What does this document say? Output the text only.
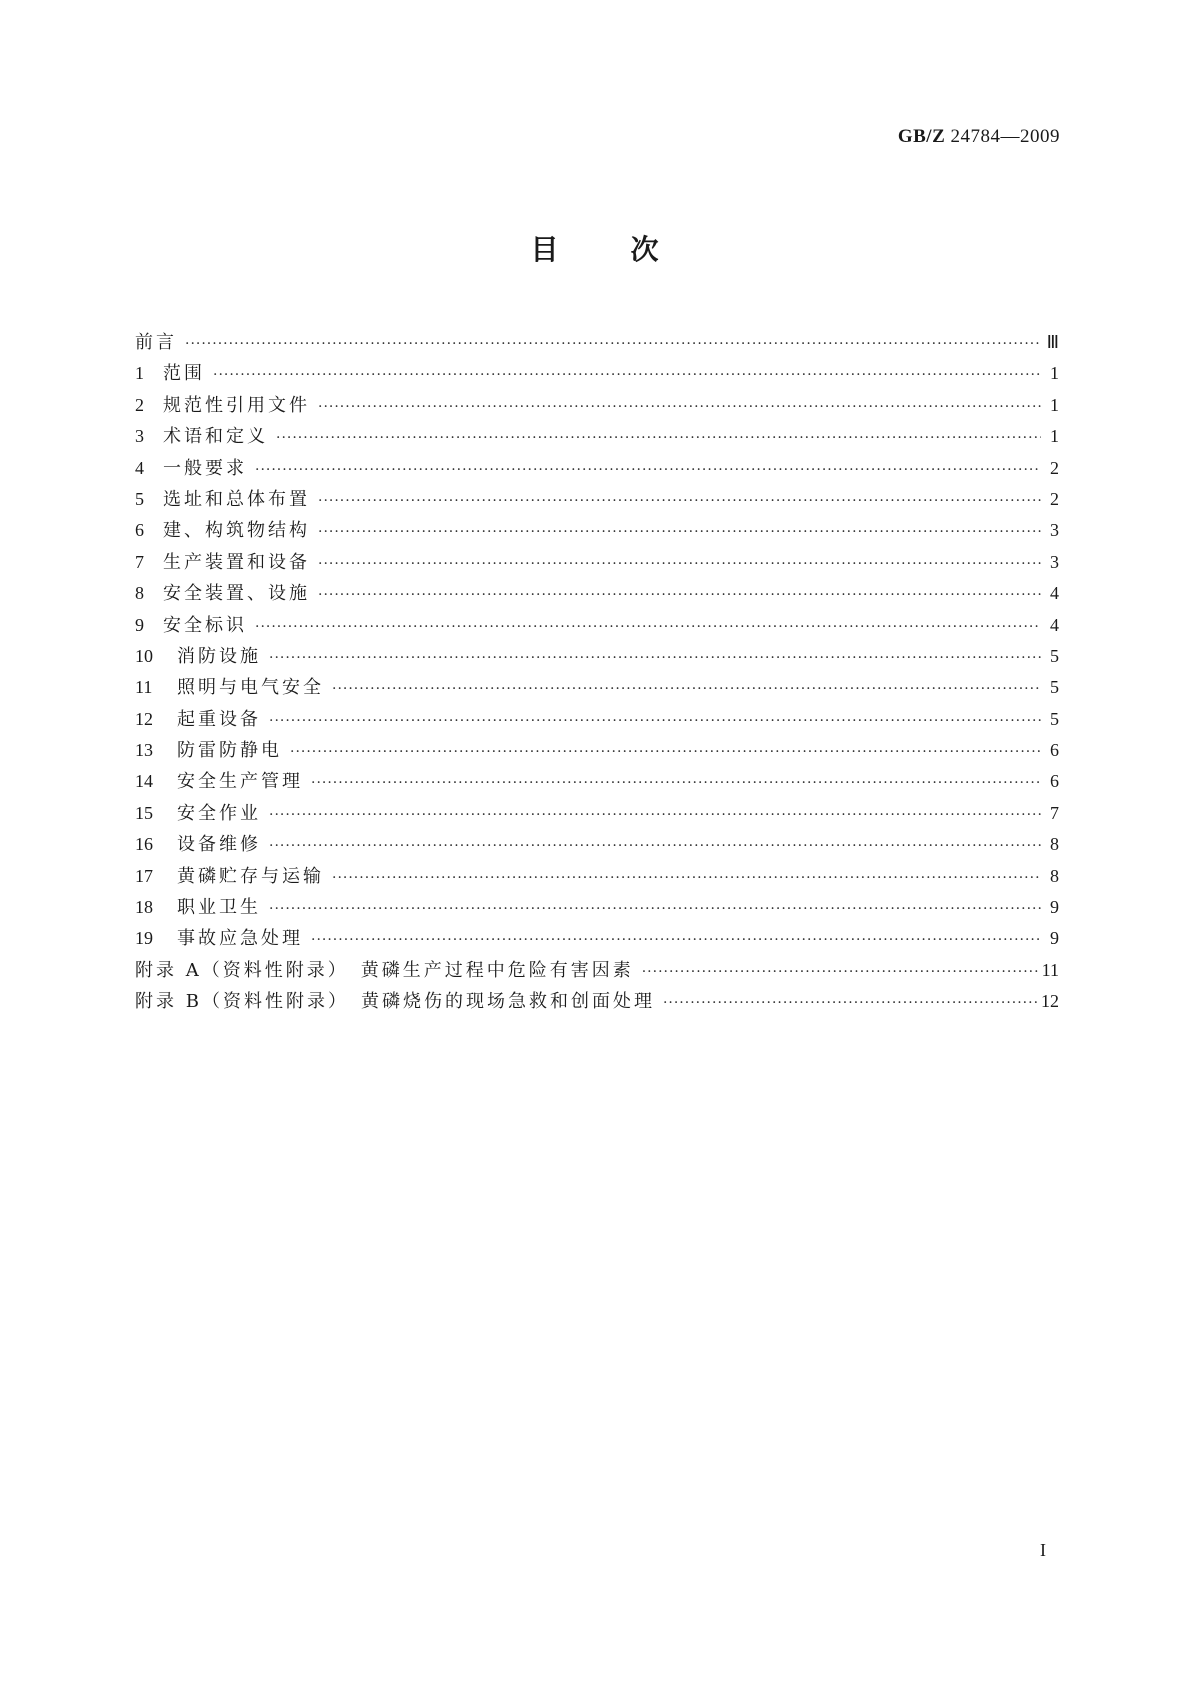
GB/Z 24784—2009
目	次
前言 ·····	Ⅲ
1	范围 ·····	1
2	规范性引用文件 ·····	1
3	术语和定义 ·····	1
4	一般要求 ·····	2
5	选址和总体布置 ·····	2
6	建、构筑物结构 ·····	3
7	生产装置和设备 ·····	3
8	安全装置、设施 ·····	4
9	安全标识 ·····	4
10	消防设施 ·····	5
11	照明与电气安全 ·····	5
12	起重设备 ·····	5
13	防雷防静电 ·····	6
14	安全生产管理 ·····	6
15	安全作业 ·····	7
16	设备维修 ·····	8
17	黄磷贮存与运输 ·····	8
18	职业卫生 ·····	9
19	事故应急处理 ·····	9
附录 A（资料性附录）　黄磷生产过程中危险有害因素 ·····	11
附录 B（资料性附录）　黄磷烧伤的现场急救和创面处理 ·····	12
I
